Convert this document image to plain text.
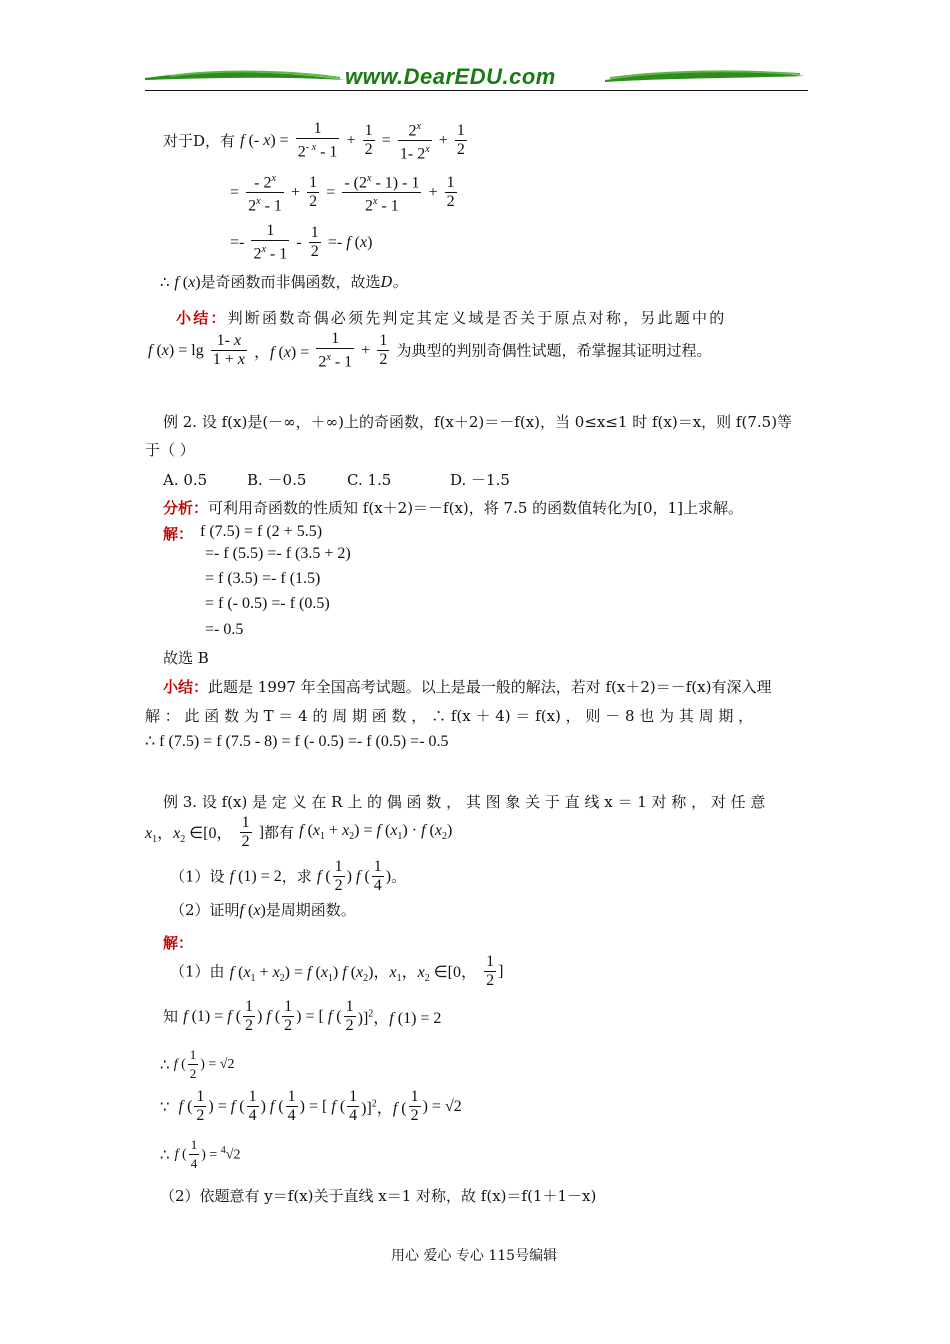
www.DearEDU.com
对于D，有 f (- $x) = \frac{1}{2^{- x} - 1} + \frac{1}{2} = \frac{2^x}{1- 2^x} + \frac{1}{2}$
= $\frac{- 2^x}{2^x - 1} + \frac{1}{2} = \frac{- (2^x - 1) - 1}{2^x - 1} + \frac{1}{2}$
=- $\frac{1}{2^x - 1} - \frac{1}{2} =- f$ (x)
∴ f (x)是奇函数而非偶函数，故选D。
小结：判断函数奇偶必须先判定其定义域是否关于原点对称，另此题中的
f $(x) = \lg \frac{1- x}{1 + x}$ ，f $(x) = \frac{1}{2^x - 1} + \frac{1}{2}$ 为典型的判别奇偶性试题，希掌握其证明过程。
例 2. 设 f(x)是(－∞，＋∞)上的奇函数，f(x＋2)＝－f(x)，当 0≤x≤1 时 f(x)＝x，则 f(7.5)等
于（ ）
A. 0.5	B. －0.5	C. 1.5	D. －1.5
分析：可利用奇函数的性质知 f(x＋2)＝－f(x)，将 7.5 的函数值转化为[0，1]上求解。
解： f (7.5) = f (2 + 5.5)
=- f (5.5) =- f (3.5 + 2)
= f (3.5) =- f (1.5)
= f (- 0.5) =- f (0.5)
=- 0.5
故选 B
小结：此题是 1997 年全国高考试题。以上是最一般的解法，若对 f(x＋2)＝－f(x)有深入理
解 ： 此 函 数 为 T ＝ 4 的 周 期 函 数 ， ∴ f(x ＋ 4) ＝ f(x) ， 则 － 8 也 为 其 周 期 ，
∴ f (7.5) = f (7.5 - 8) = f (- 0.5) =- f (0.5) =- 0.5
例 3. 设 f(x) 是 定 义 在 R 上 的 偶 函 数 ， 其 图 象 关 于 直 线 x ＝ 1 对 称 ， 对 任 意
$x_1$，$x_2$ ∈[0， $\frac{1}{2}$ ]都有 f $(x_1 + x_2) = f$ $(x_1) \cdot f$ $(x_2)$
（1）设 f (1) = 2，求 f ( $\frac{1}{2}$ ) f ( $\frac{1}{4}$ )。
（2）证明f (x)是周期函数。
解：
（1）由 f $(x_1 + x_2) = f$ $(x_1)$ f $(x_2)$，$x_1$，$x_2$ ∈[0， $\frac{1}{2}$ ]
知 f (1) = f ( $\frac{1}{2}$ ) f ( $\frac{1}{2}$ ) = [ f ( $\frac{1}{2} )]^2$，f (1) = 2
∴ f ( $\frac{1}{2}$ ) = √2
∵ f ( $\frac{1}{2}$ ) = f ( $\frac{1}{4}$ ) f ( $\frac{1}{4}$ ) = [ f ( $\frac{1}{4} )]^2$，f ( $\frac{1}{2}$ ) = √2
∴ f ( $\frac{1}{4}$ ) = $^4$√2
（2）依题意有 y＝f(x)关于直线 x＝1 对称，故 f(x)＝f(1＋1－x)
用心 爱心 专心 115号编辑
